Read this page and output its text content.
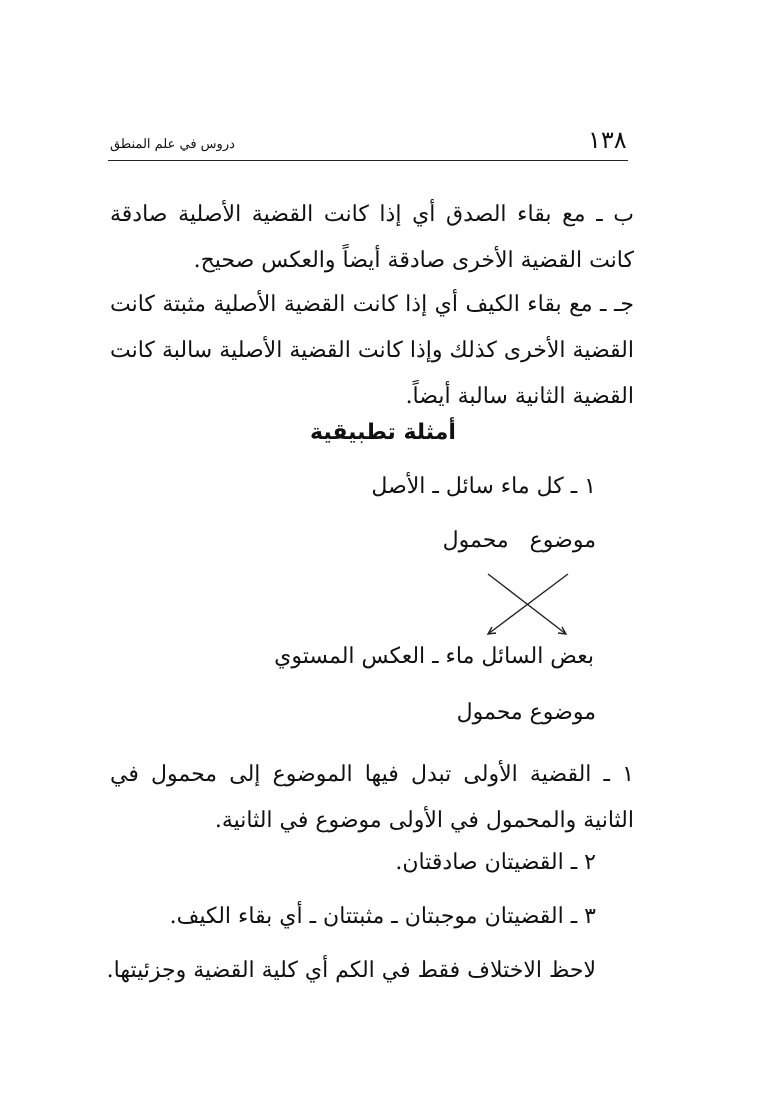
١٣٨
دروس في علم المنطق
ب ـ مع بقاء الصدق أي إذا كانت القضية الأصلية صادقة كانت القضية الأخرى صادقة أيضاً والعكس صحيح.
جـ ـ مع بقاء الكيف أي إذا كانت القضية الأصلية مثبتة كانت القضية الأخرى كذلك وإذا كانت القضية الأصلية سالبة كانت القضية الثانية سالبة أيضاً.
أمثلة تطبيقية
١ ـ كل ماء سائل ـ الأصل
موضوع   محمول
بعض السائل ماء ـ العكس المستوي
موضوع محمول
١ ـ القضية الأولى تبدل فيها الموضوع إلى محمول في الثانية والمحمول في الأولى موضوع في الثانية.
٢ ـ القضيتان صادقتان.
٣ ـ القضيتان موجبتان ـ مثبتتان ـ أي بقاء الكيف.
لاحظ الاختلاف فقط في الكم أي كلية القضية وجزئيتها.
